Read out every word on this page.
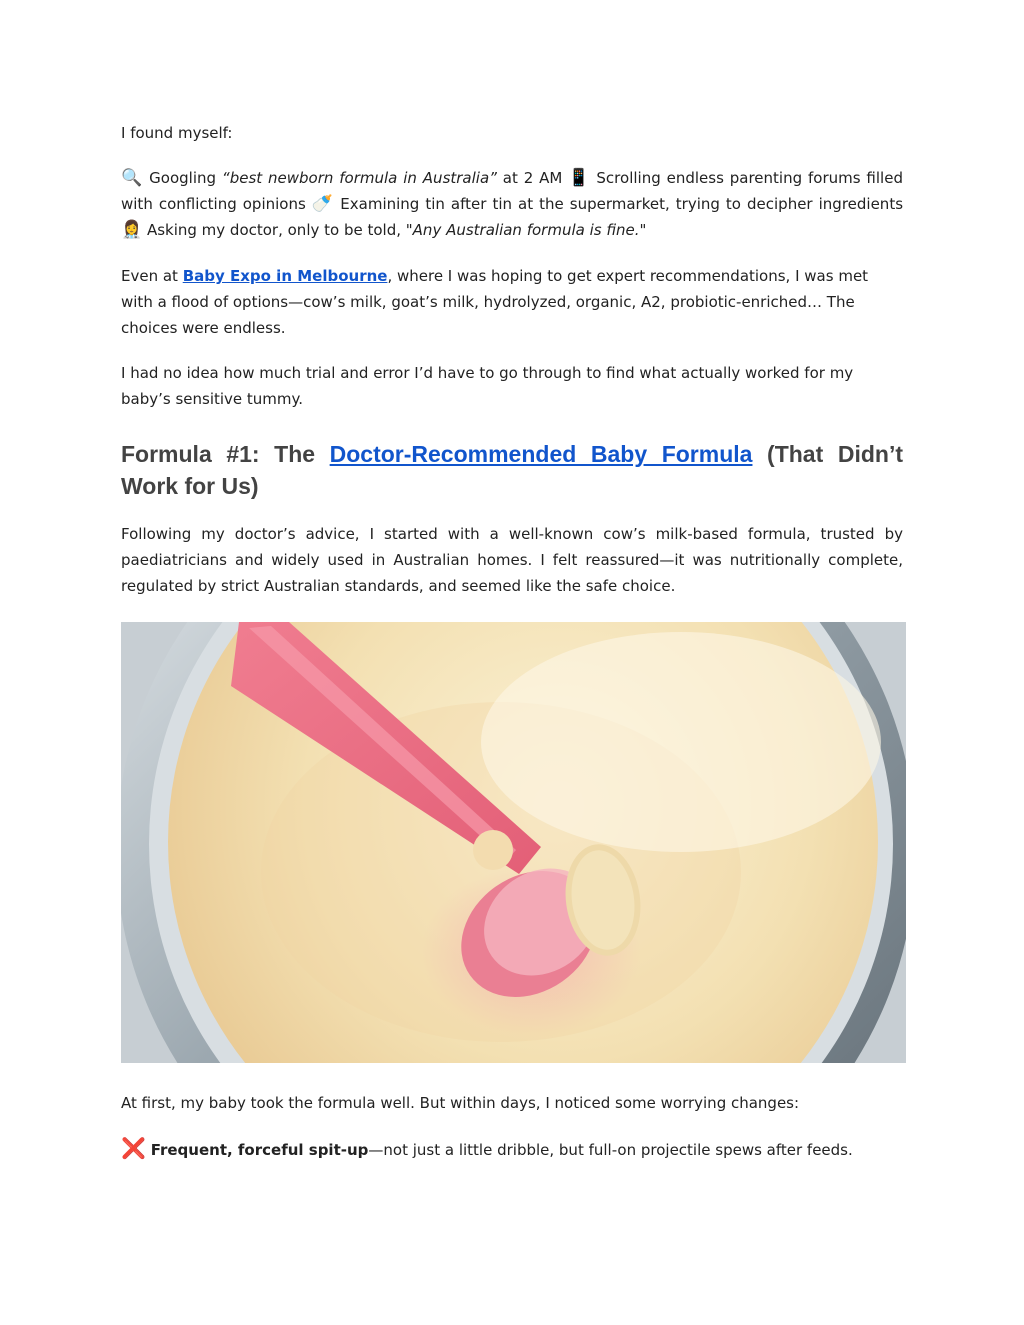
I found myself:

🔍 Googling “best newborn formula in Australia” at 2 AM 📱 Scrolling endless parenting forums filled with conflicting opinions 🍼 Examining tin after tin at the supermarket, trying to decipher ingredients 👩‍⚕️ Asking my doctor, only to be told, "Any Australian formula is fine."

Even at Baby Expo in Melbourne, where I was hoping to get expert recommendations, I was met with a flood of options—cow’s milk, goat’s milk, hydrolyzed, organic, A2, probiotic-enriched… The choices were endless.

I had no idea how much trial and error I’d have to go through to find what actually worked for my baby’s sensitive tummy.

Formula #1: The Doctor-Recommended Baby Formula (That Didn’t Work for Us)

Following my doctor’s advice, I started with a well-known cow’s milk-based formula, trusted by paediatricians and widely used in Australian homes. I felt reassured—it was nutritionally complete, regulated by strict Australian standards, and seemed like the safe choice.

At first, my baby took the formula well. But within days, I noticed some worrying changes:

❌ Frequent, forceful spit-up—not just a little dribble, but full-on projectile spews after feeds.
